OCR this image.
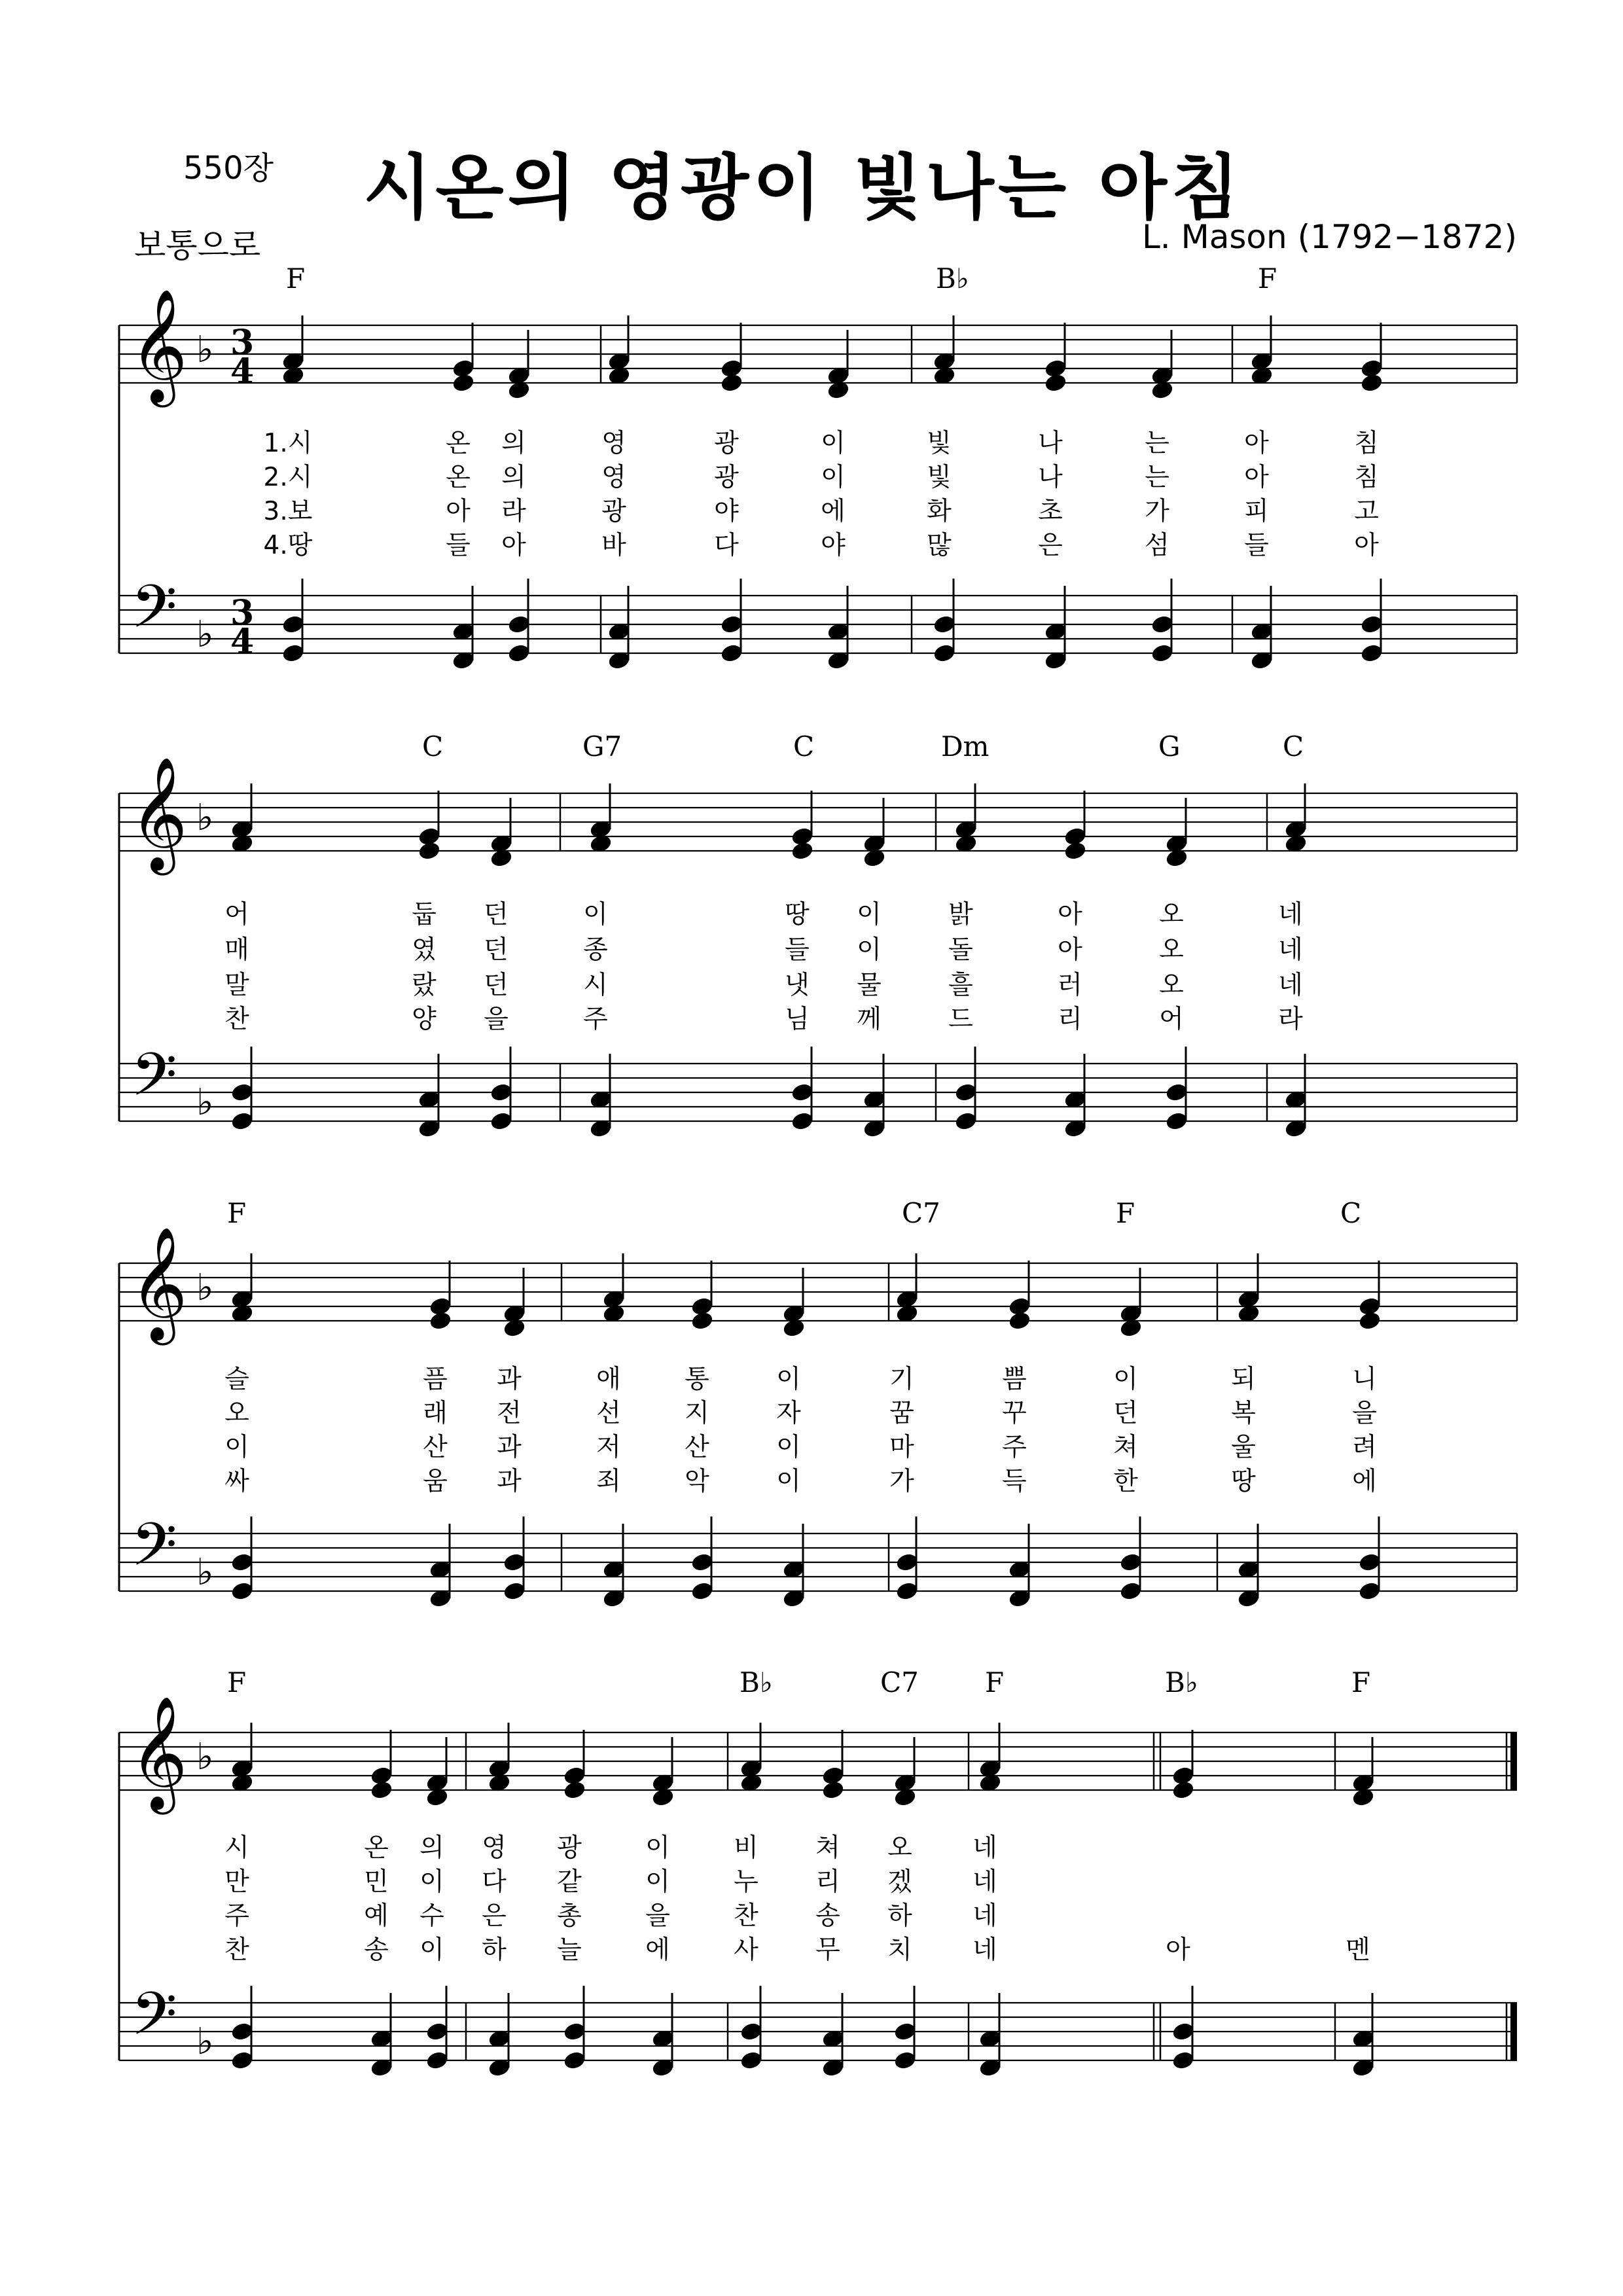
550장 시온의 영광이 빛나는 아침
보통으로	L. Mason (1792−1872)
𝄞
𝄢
♭
♭
3
4
3
4
F	B♭	F
1.시	온 의	영	광	이	빛	나	는	아	침
2.시	온 의	영	광	이	빛	나	는	아	침
3.보	아 라	광	야	에	화	초	가	피	고
4.땅	들 아	바	다	야	많	은	섬	들	아
𝄞
𝄢
♭
♭
C	G7	C	Dm	G	C
어	둡 던	이	땅 이	밝	아	오	네
매	였 던	종	들 이	돌	아	오	네
말	랐 던	시	냇 물	흘	러	오	네
찬	양 을	주	님 께	드	리	어	라
𝄞
𝄢
♭
♭
F	C7	F	C
슬	픔 과	애 통	이	기	쁨	이	되	니
오	래 전	선 지	자	꿈	꾸	던	복	을
이	산 과	저 산	이	마	주	쳐	울	려
싸	움 과	죄 악	이	가	득	한	땅	에
𝄞
𝄢
♭
♭
F	B♭	C7 F	B♭	F
시	온 의 영 광 이 비 쳐 오 네
만	민 이 다 같 이 누 리 겠 네
주	예 수 은 총 을 찬 송 하 네
찬	송 이 하 늘 에 사 무 치 네	아	멘
